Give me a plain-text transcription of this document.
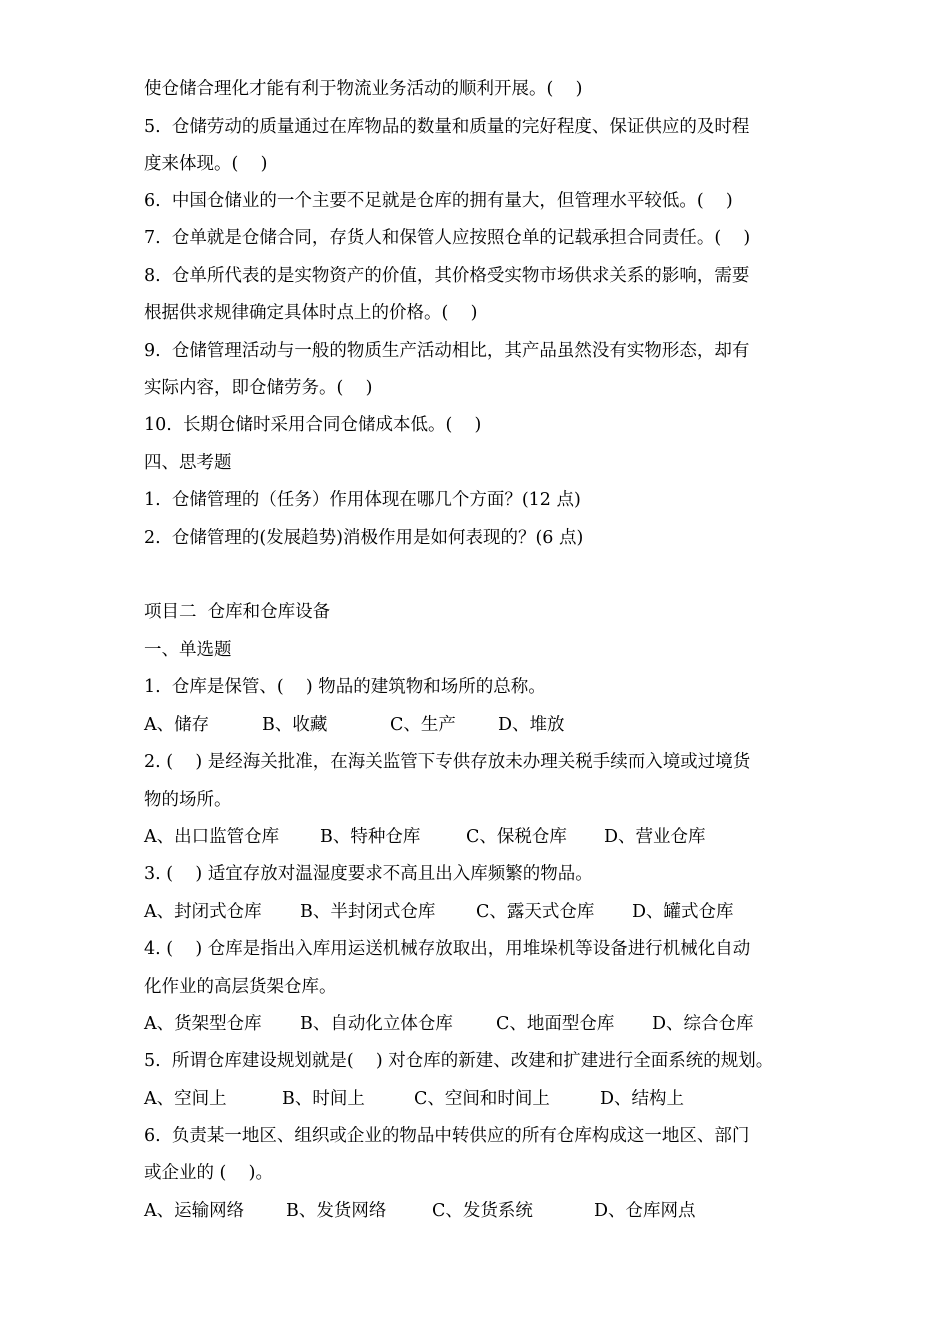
使仓储合理化才能有利于物流业务活动的顺利开展。(    )
5.  仓储劳动的质量通过在库物品的数量和质量的完好程度、保证供应的及时程
度来体现。(    )
6.  中国仓储业的一个主要不足就是仓库的拥有量大，但管理水平较低。(    )
7.  仓单就是仓储合同，存货人和保管人应按照仓单的记载承担合同责任。(    )
8.  仓单所代表的是实物资产的价值，其价格受实物市场供求关系的影响，需要
根据供求规律确定具体时点上的价格。(    )
9.  仓储管理活动与一般的物质生产活动相比，其产品虽然没有实物形态，却有
实际内容，即仓储劳务。(    )
10.  长期仓储时采用合同仓储成本低。(    )
四、思考题
1.  仓储管理的（任务）作用体现在哪几个方面？(12 点)
2.  仓储管理的(发展趋势)消极作用是如何表现的？(6 点)
项目二  仓库和仓库设备
一、单选题
1.  仓库是保管、(    ) 物品的建筑物和场所的总称。
A、储存	B、收藏	C、生产 D、堆放
2. (    ) 是经海关批准，在海关监管下专供存放未办理关税手续而入境或过境货
物的场所。
A、出口监管仓库 B、特种仓库	C、保税仓库 D、营业仓库
3. (    ) 适宜存放对温湿度要求不高且出入库频繁的物品。
A、封闭式仓库 B、半封闭式仓库 C、露天式仓库 D、罐式仓库
4. (    ) 仓库是指出入库用运送机械存放取出，用堆垛机等设备进行机械化自动
化作业的高层货架仓库。
A、货架型仓库 B、自动化立体仓库 C、地面型仓库 D、综合仓库
5.  所谓仓库建设规划就是(    ) 对仓库的新建、改建和扩建进行全面系统的规划。
A、空间上	B、时间上	C、空间和时间上	D、结构上
6.  负责某一地区、组织或企业的物品中转供应的所有仓库构成这一地区、部门
或企业的 (    )。
A、运输网络 B、发货网络	C、发货系统	D、仓库网点
